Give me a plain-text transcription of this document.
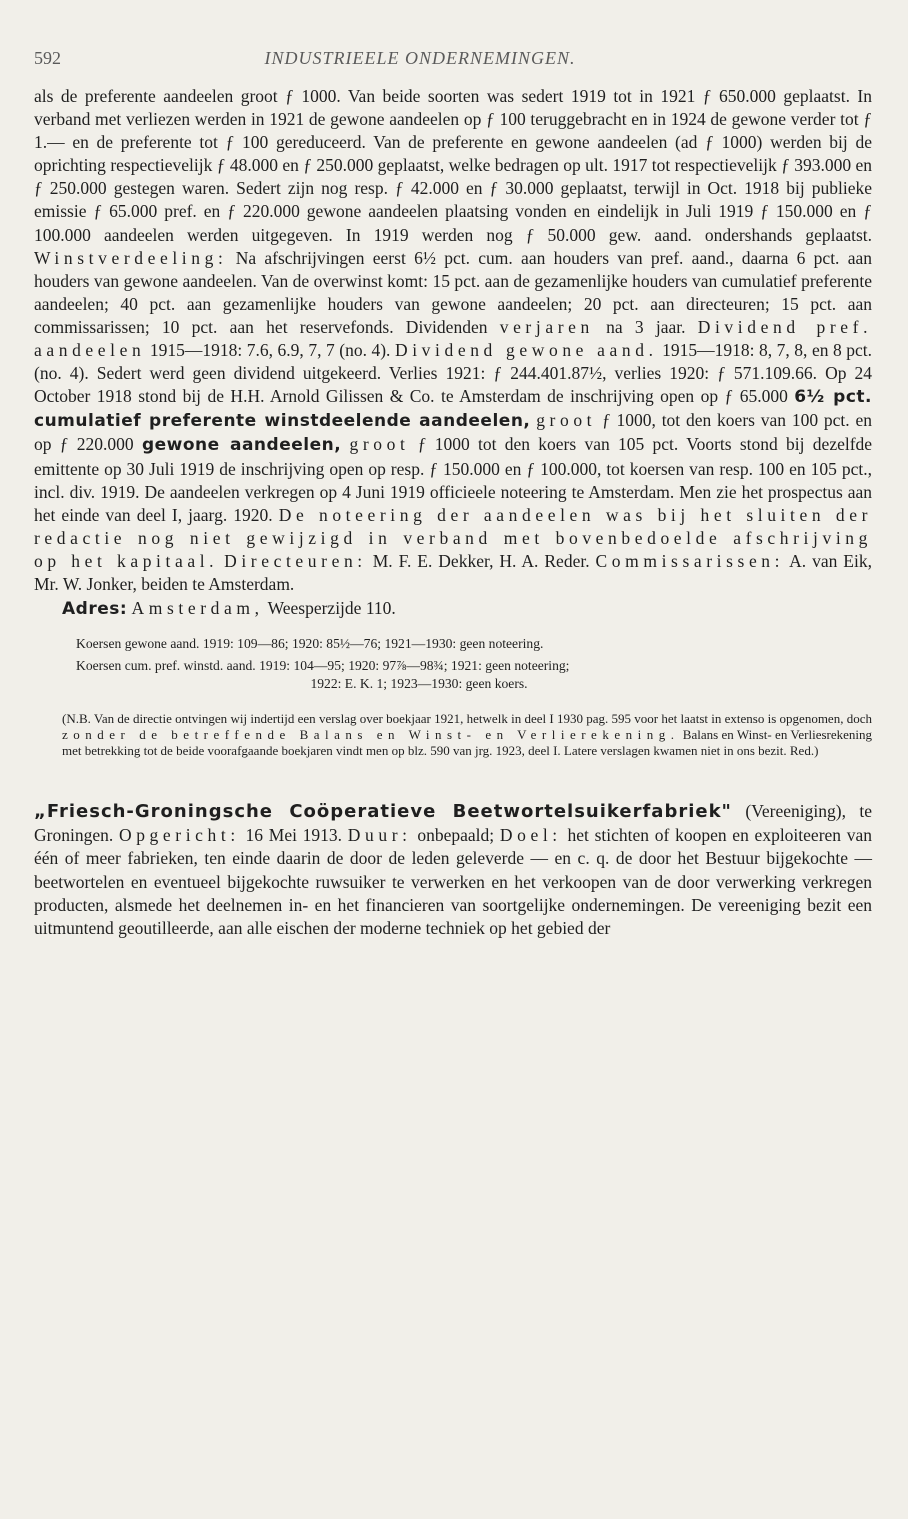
592	INDUSTRIEELE ONDERNEMINGEN.

als de preferente aandeelen groot ƒ 1000. Van beide soorten was sedert 1919 tot in 1921 ƒ 650.000 geplaatst. In verband met verliezen werden in 1921 de gewone aandeelen op ƒ 100 teruggebracht en in 1924 de gewone verder tot ƒ 1.— en de preferente tot ƒ 100 gereduceerd. Van de preferente en gewone aandeelen (ad ƒ 1000) werden bij de oprichting respectievelijk ƒ 48.000 en ƒ 250.000 geplaatst, welke bedragen op ult. 1917 tot respectievelijk ƒ 393.000 en ƒ 250.000 gestegen waren. Sedert zijn nog resp. ƒ 42.000 en ƒ 30.000 geplaatst, terwijl in Oct. 1918 bij publieke emissie ƒ 65.000 pref. en ƒ 220.000 gewone aandeelen plaatsing vonden en eindelijk in Juli 1919 ƒ 150.000 en ƒ 100.000 aandeelen werden uitgegeven. In 1919 werden nog ƒ 50.000 gew. aand. ondershands geplaatst. Winstverdeeling: Na afschrijvingen eerst 6½ pct. cum. aan houders van pref. aand., daarna 6 pct. aan houders van gewone aandeelen. Van de overwinst komt: 15 pct. aan de gezamenlijke houders van cumulatief preferente aandeelen; 40 pct. aan gezamenlijke houders van gewone aandeelen; 20 pct. aan directeuren; 15 pct. aan commissarissen; 10 pct. aan het reservefonds. Dividenden verjaren na 3 jaar. Dividend pref. aandeelen 1915—1918: 7.6, 6.9, 7, 7 (no. 4). Dividend gewone aand. 1915—1918: 8, 7, 8, en 8 pct. (no. 4). Sedert werd geen dividend uitgekeerd. Verlies 1921: ƒ 244.401.87½, verlies 1920: ƒ 571.109.66. Op 24 October 1918 stond bij de H.H. Arnold Gilissen & Co. te Amsterdam de inschrijving open op ƒ 65.000 6½ pct. cumulatief preferente winstdeelende aandeelen, groot ƒ 1000, tot den koers van 100 pct. en op ƒ 220.000 gewone aandeelen, groot ƒ 1000 tot den koers van 105 pct. Voorts stond bij dezelfde emittente op 30 Juli 1919 de inschrijving open op resp. ƒ 150.000 en ƒ 100.000, tot koersen van resp. 100 en 105 pct., incl. div. 1919. De aandeelen verkregen op 4 Juni 1919 officieele noteering te Amsterdam. Men zie het prospectus aan het einde van deel I, jaarg. 1920. De noteering der aandeelen was bij het sluiten der redactie nog niet gewijzigd in verband met bovenbedoelde afschrijving op het kapitaal. Directeuren: M. F. E. Dekker, H. A. Reder. Commissarissen: A. van Eik, Mr. W. Jonker, beiden te Amsterdam.

Adres: Amsterdam, Weesperzijde 110.

Koersen gewone aand. 1919: 109—86; 1920: 85½—76; 1921—1930: geen noteering.

Koersen cum. pref. winstd. aand. 1919: 104—95; 1920: 97⅞—98¾; 1921: geen noteering;
1922: E. K. 1; 1923—1930: geen koers.

(N.B. Van de directie ontvingen wij indertijd een verslag over boekjaar 1921, hetwelk in deel I 1930 pag. 595 voor het laatst in extenso is opgenomen, doch zonder de betreffende Balans en Winst- en Verlierekening. Balans en Winst- en Verliesrekening met betrekking tot de beide voorafgaande boekjaren vindt men op blz. 590 van jrg. 1923, deel I. Latere verslagen kwamen niet in ons bezit. Red.)

„Friesch-Groningsche Coöperatieve Beetwortelsuikerfabriek" (Vereeniging), te Groningen. Opgericht: 16 Mei 1913. Duur: onbepaald; Doel: het stichten of koopen en exploiteeren van één of meer fabrieken, ten einde daarin de door de leden geleverde — en c. q. de door het Bestuur bijgekochte — beetwortelen en eventueel bijgekochte ruwsuiker te verwerken en het verkoopen van de door verwerking verkregen producten, alsmede het deelnemen in- en het financieren van soortgelijke ondernemingen. De vereeniging bezit een uitmuntend geoutilleerde, aan alle eischen der moderne techniek op het gebied der
